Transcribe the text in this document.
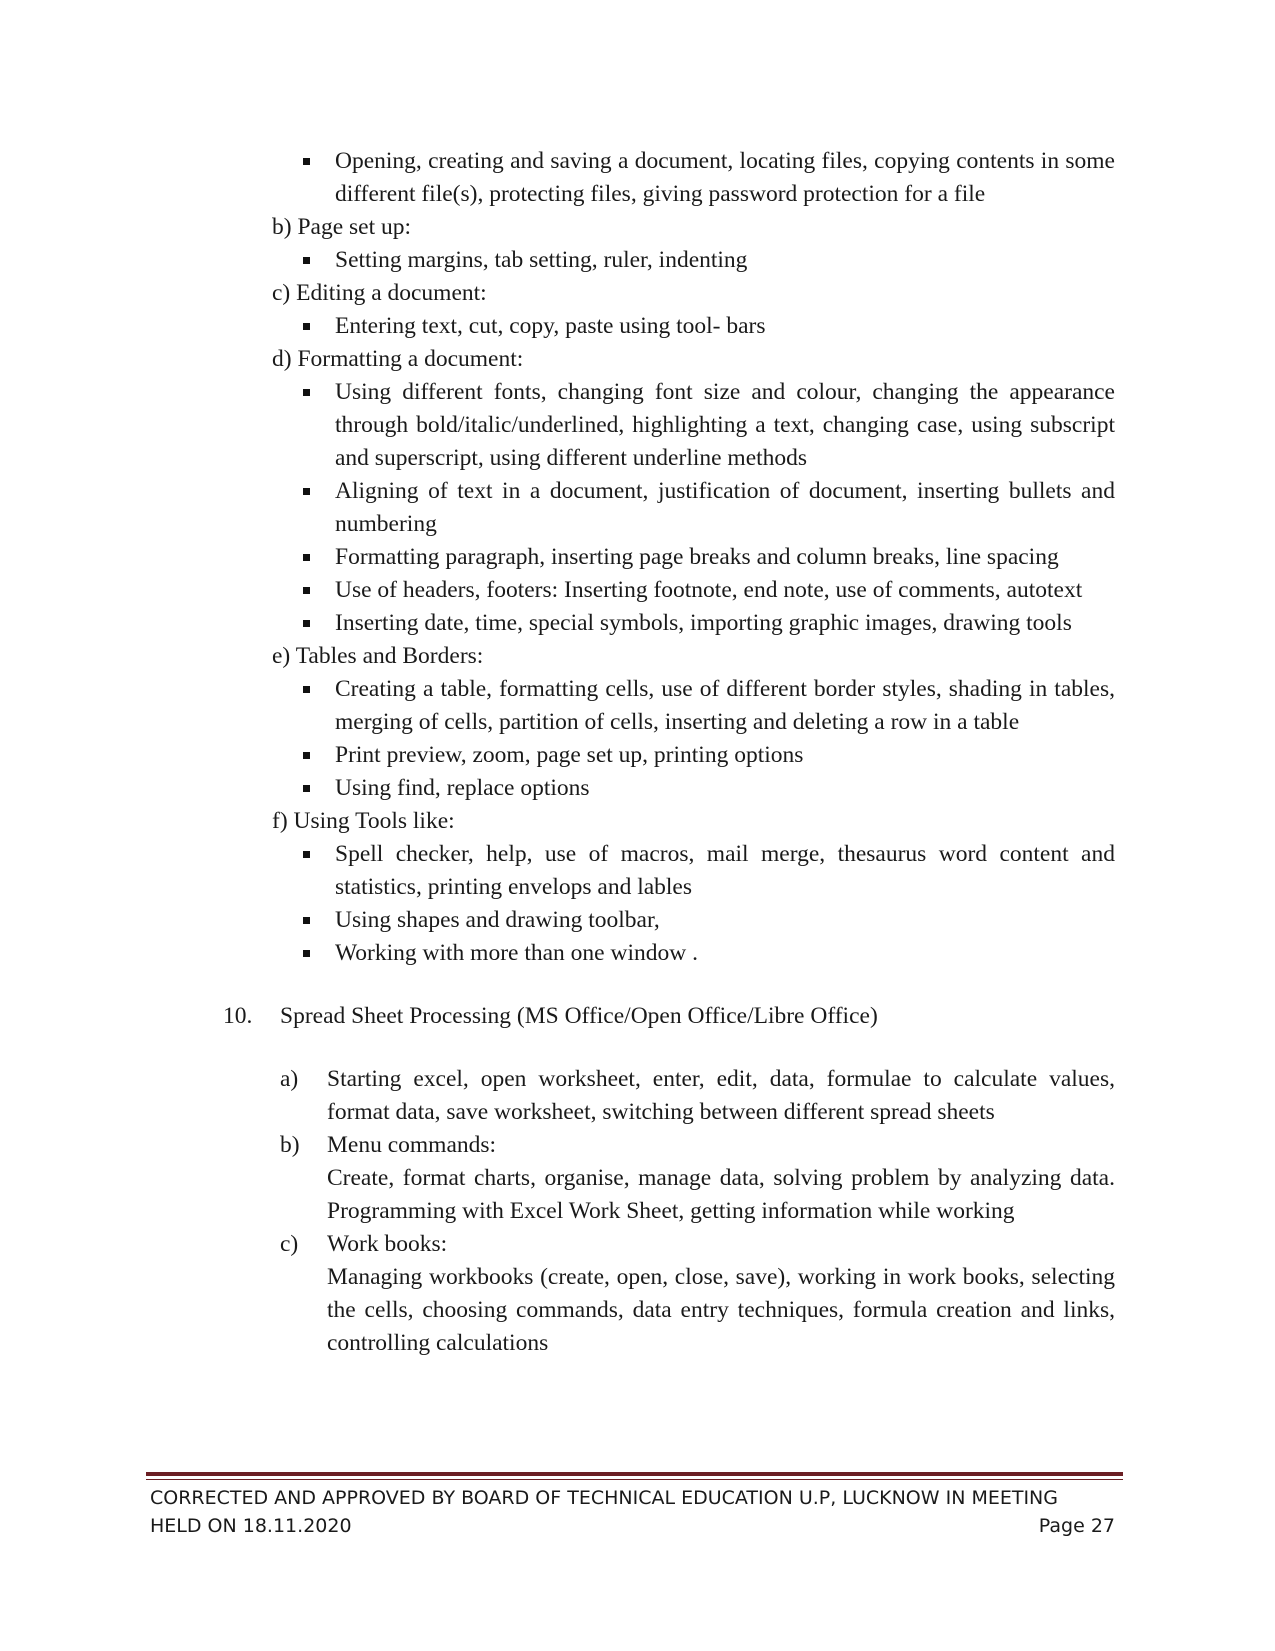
Opening, creating and saving a document, locating files, copying contents in some different file(s), protecting files, giving password protection for a file
b) Page set up:
Setting margins, tab setting, ruler, indenting
c) Editing a document:
Entering text, cut, copy, paste using tool- bars
d) Formatting a document:
Using different fonts, changing font size and colour, changing the appearance through bold/italic/underlined, highlighting a text, changing case, using subscript and superscript, using different underline methods
Aligning of text in a document, justification of document, inserting bullets and numbering
Formatting paragraph, inserting page breaks and column breaks, line spacing
Use of headers, footers: Inserting footnote, end note, use of comments, autotext
Inserting date, time, special symbols, importing graphic images, drawing tools
e) Tables and Borders:
Creating a table, formatting cells, use of different border styles, shading in tables, merging of cells, partition of cells, inserting and deleting a row in a table
Print preview, zoom, page set up, printing options
Using find, replace options
f) Using Tools like:
Spell checker, help, use of macros, mail merge, thesaurus word content and statistics, printing envelops and lables
Using shapes and drawing toolbar,
Working with more than one window .
10. Spread Sheet Processing (MS Office/Open Office/Libre Office)
a) Starting excel, open worksheet, enter, edit, data, formulae to calculate values, format data, save worksheet, switching between different spread sheets
b) Menu commands:
Create, format charts, organise, manage data, solving problem by analyzing data. Programming with Excel Work Sheet, getting information while working
c) Work books:
Managing workbooks (create, open, close, save), working in work books, selecting the cells, choosing commands, data entry techniques, formula creation and links, controlling calculations
CORRECTED AND APPROVED BY BOARD OF TECHNICAL EDUCATION U.P, LUCKNOW IN MEETING
HELD ON 18.11.2020	Page 27
